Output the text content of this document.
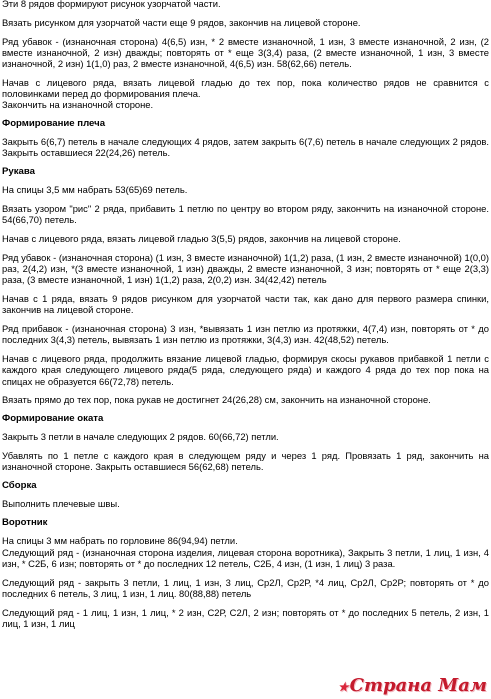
Эти 8 рядов формируют рисунок узорчатой части.

Вязать рисунком для узорчатой части еще 9 рядов, закончив на лицевой стороне.

Ряд убавок - (изнаночная сторона) 4(6,5) изн, * 2 вместе изнаночной, 1 изн, 3 вместе изнаночной, 2 изн, (2 вместе изнаночной, 2 изн) дважды; повторять от * еще 3(3,4) раза, (2 вместе изнаночной, 1 изн, 3 вместе изнаночной, 2 изн) 1(1,0) раз, 2 вместе изнаночной, 4(6,5) изн. 58(62,66) петель.

Начав с лицевого ряда, вязать лицевой гладью до тех пор, пока количество рядов не сравнится с половинками перед до формирования плеча.

Закончить на изнаночной стороне.

Формирование плеча

Закрыть 6(6,7) петель в начале следующих 4 рядов, затем закрыть 6(7,6) петель в начале следующих 2 рядов. Закрыть оставшиеся 22(24,26) петель.

Рукава

На спицы 3,5 мм набрать 53(65)69 петель.

Вязать узором "рис" 2 ряда, прибавить 1 петлю по центру во втором ряду, закончить на изнаночной стороне. 54(66,70) петель.

Начав с лицевого ряда, вязать лицевой гладью 3(5,5) рядов, закончив на лицевой стороне.

Ряд убавок - (изнаночная сторона) (1 изн, 3 вместе изнаночной) 1(1,2) раза, (1 изн, 2 вместе изнаночной) 1(0,0) раз, 2(4,2) изн, *(3 вместе изнаночной, 1 изн) дважды, 2 вместе изнаночной, 3 изн; повторять от * еще 2(3,3) раза, (3 вместе изнаночной, 1 изн) 1(1,2) раза, 2(0,2) изн. 34(42,42) петель

Начав с 1 ряда, вязать 9 рядов рисунком для узорчатой части так, как дано для первого размера спинки, закончив на лицевой стороне.

Ряд прибавок - (изнаночная сторона) 3 изн, *вывязать 1 изн петлю из протяжки, 4(7,4) изн, повторять от * до последних 3(4,3) петель, вывязать 1 изн петлю из протяжки, 3(4,3) изн. 42(48,52) петель.

Начав с лицевого ряда, продолжить вязание лицевой гладью, формируя скосы рукавов прибавкой 1 петли с каждого края следующего лицевого ряда(5 ряда, следующего ряда) и каждого 4 ряда до тех пор пока на спицах не образуется 66(72,78) петель.

Вязать прямо до тех пор, пока рукав не достигнет 24(26,28) см, закончить на изнаночной стороне.

Формирование оката

Закрыть 3 петли в начале следующих 2 рядов. 60(66,72) петли.

Убавлять по 1 петле с каждого края в следующем ряду и через 1 ряд. Провязать 1 ряд, закончить на изнаночной стороне. Закрыть оставшиеся 56(62,68) петель.

Сборка

Выполнить плечевые швы.

Воротник

На спицы 3 мм набрать по горловине 86(94,94) петли.

Следующий ряд - (изнаночная сторона изделия, лицевая сторона воротника), Закрыть 3 петли, 1 лиц, 1 изн, 4 изн, * С2Б, 6 изн; повторять от * до последних 12 петель, С2Б, 4 изн, (1 изн, 1 лиц) 3 раза.

Следующий ряд - закрыть 3 петли, 1 лиц, 1 изн, 3 лиц, Ср2Л, Ср2Р, *4 лиц, Ср2Л, Ср2Р; повторять от * до последних 6 петель, 3 лиц, 1 изн, 1 лиц. 80(88,88) петель

Следующий ряд - 1 лиц, 1 изн, 1 лиц, * 2 изн, С2Р, С2Л, 2 изн; повторять от * до последних 5 петель, 2 изн, 1 лиц, 1 изн, 1 лиц

★Страна Мам
